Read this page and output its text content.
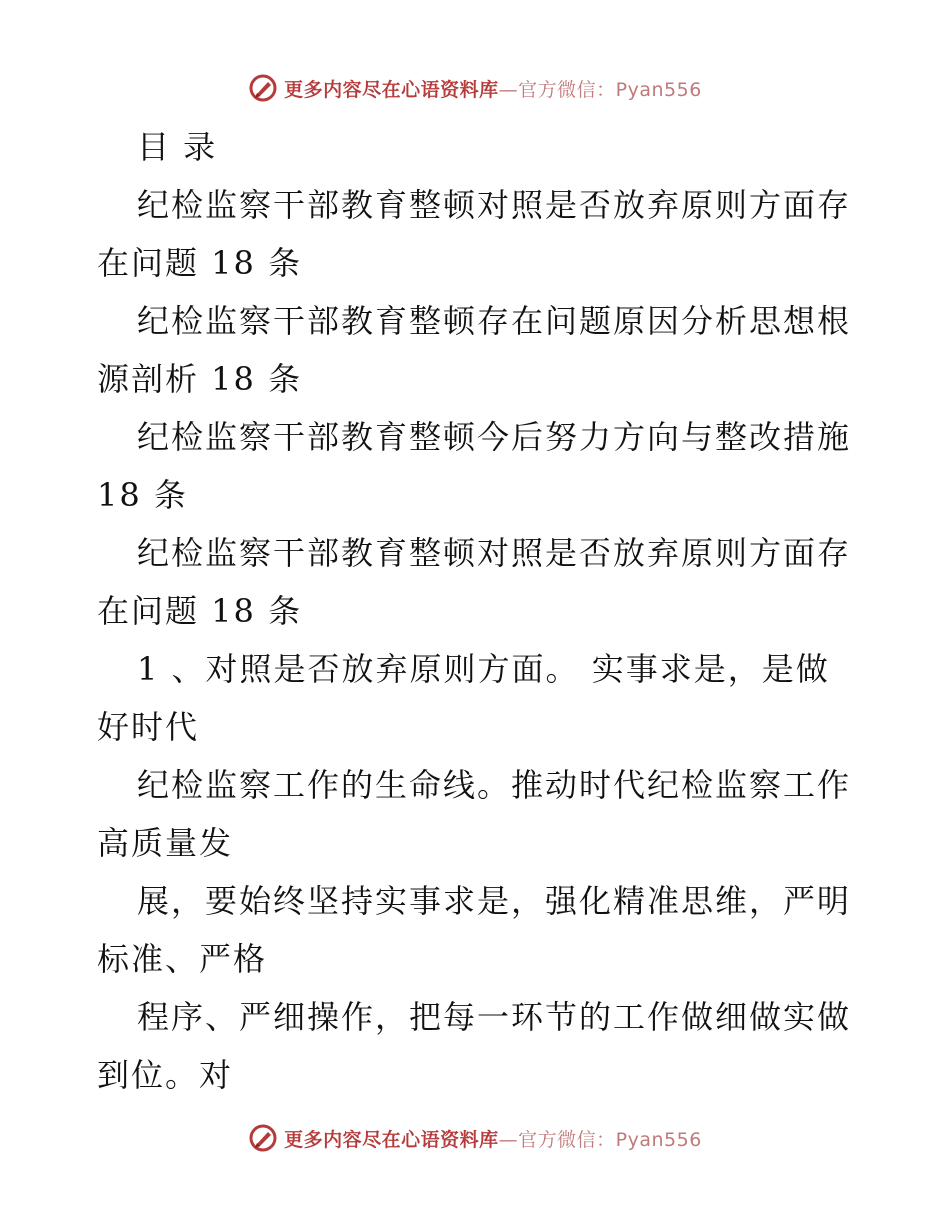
更多内容尽在心语资料库—官方微信：Pyan556

目 录

纪检监察干部教育整顿对照是否放弃原则方面存在问题 18 条

纪检监察干部教育整顿存在问题原因分析思想根源剖析 18 条

纪检监察干部教育整顿今后努力方向与整改措施 18 条

纪检监察干部教育整顿对照是否放弃原则方面存在问题 18 条

1 、对照是否放弃原则方面。 实事求是，是做好时代

纪检监察工作的生命线。推动时代纪检监察工作高质量发

展，要始终坚持实事求是，强化精准思维，严明标准、严格

程序、严细操作，把每一环节的工作做细做实做到位。对

更多内容尽在心语资料库—官方微信：Pyan556
